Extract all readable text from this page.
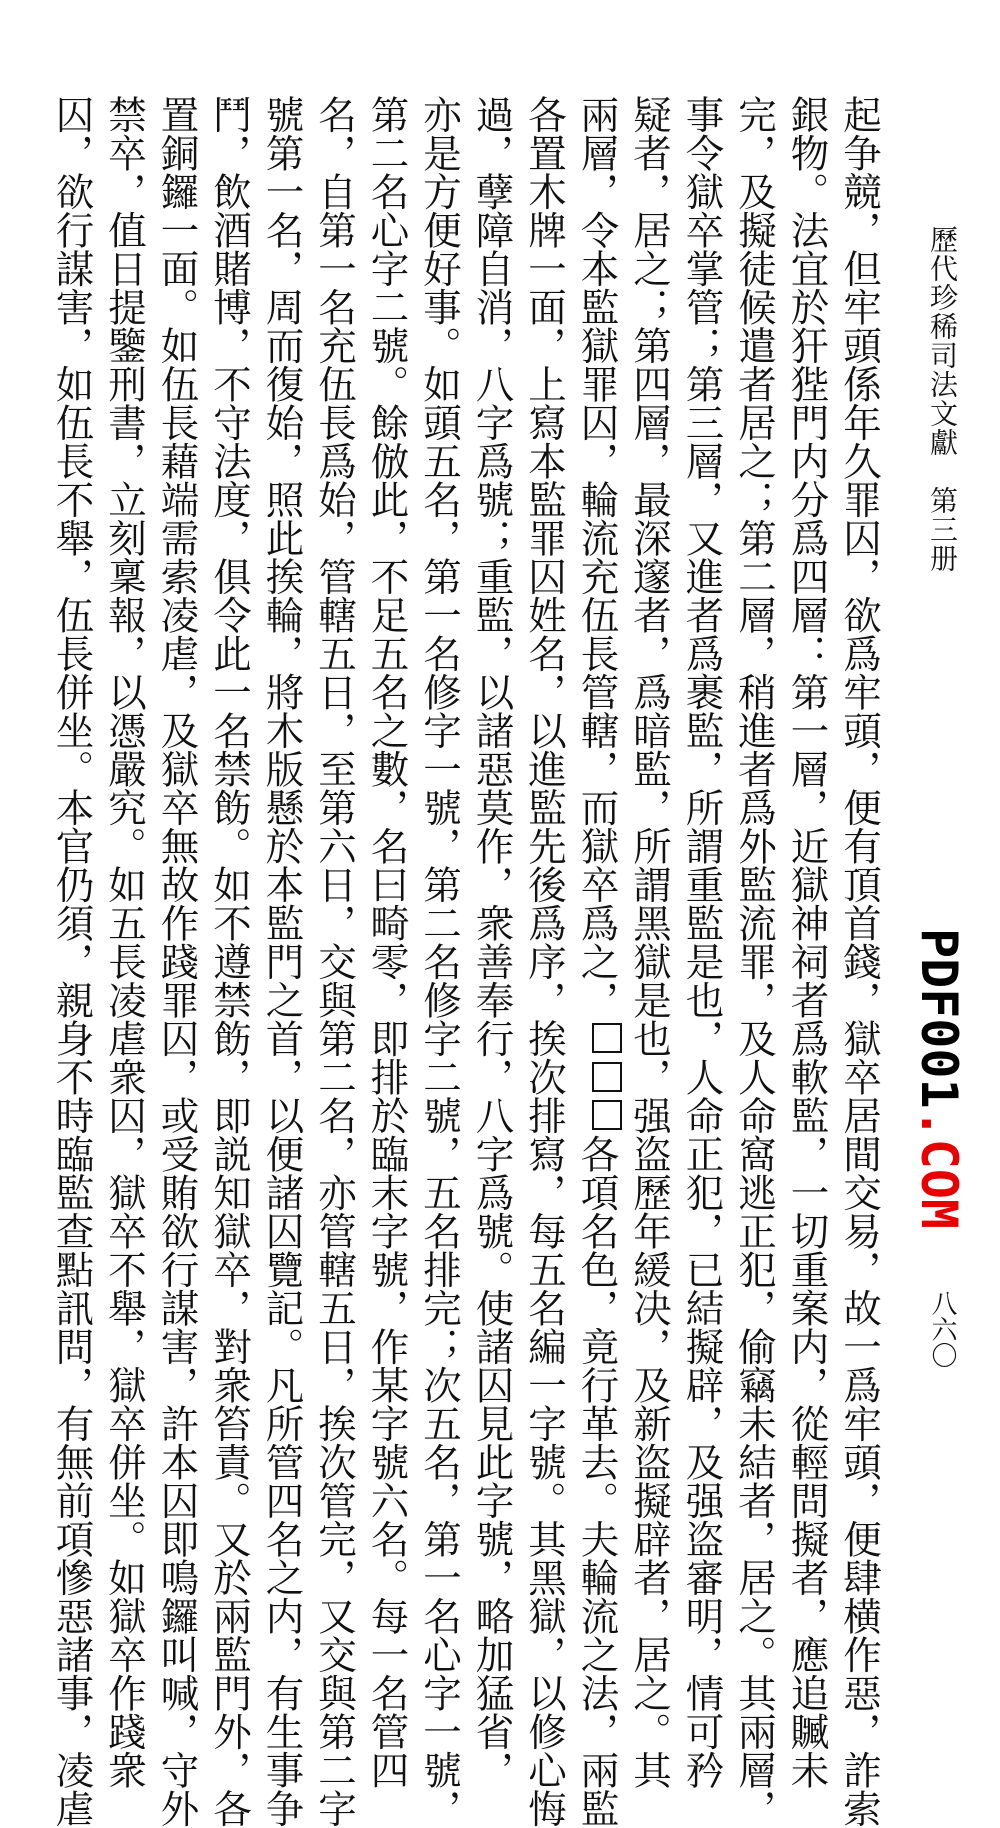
歷代珍稀司法文獻　第三册
PDF001.COM
八六〇
起争競，但牢頭係年久罪囚，欲爲牢頭，便有頂首錢，獄卒居間交易，故一爲牢頭，便肆横作惡，詐索
銀物。法宜於犴狴門内分爲四層：第一層，近獄神祠者爲軟監，一切重案内，從輕問擬者，應追贓未
完，及擬徒候遣者居之；第二層，稍進者爲外監流罪，及人命窩逃正犯，偷竊未結者，居之。其兩層，
事令獄卒掌管；第三層，又進者爲裹監，所謂重監是也，人命正犯，已結擬辟，及强盗審明，情可矜
疑者，居之；第四層，最深邃者，爲暗監，所謂黑獄是也，强盗歷年緩决，及新盗擬辟者，居之。其
兩層，令本監獄罪囚，輪流充伍長管轄，而獄卒爲之，各項名色，竟行革去。夫輪流之法，兩監
各置木牌一面，上寫本監罪囚姓名，以進監先後爲序，挨次排寫，每五名編一字號。其黑獄，以修心悔
過，孽障自消，八字爲號；重監，以諸惡莫作，衆善奉行，八字爲號。使諸囚見此字號，略加猛省，
亦是方便好事。如頭五名，第一名修字一號，第二名修字二號，五名排完；次五名，第一名心字一號，
第二名心字二號。餘倣此，不足五名之數，名曰畸零，即排於臨末字號，作某字號六名。每一名管四
名，自第一名充伍長爲始，管轄五日，至第六日，交與第二名，亦管轄五日，挨次管完，又交與第二字
號第一名，周而復始，照此挨輪，將木版懸於本監門之首，以便諸囚覽記。凡所管四名之内，有生事争
鬥，飲酒賭博，不守法度，俱令此一名禁飭。如不遵禁飭，即説知獄卒，對衆笞責。又於兩監門外，各
置銅鑼一面。如伍長藉端需索凌虐，及獄卒無故作踐罪囚，或受賄欲行謀害，許本囚即鳴鑼叫喊，守外
禁卒，值日提鑒刑書，立刻稟報，以憑嚴究。如五長凌虐衆囚，獄卒不舉，獄卒併坐。如獄卒作踐衆
囚，欲行謀害，如伍長不舉，伍長併坐。本官仍須，親身不時臨監查點訊問，有無前項慘惡諸事，凌虐
